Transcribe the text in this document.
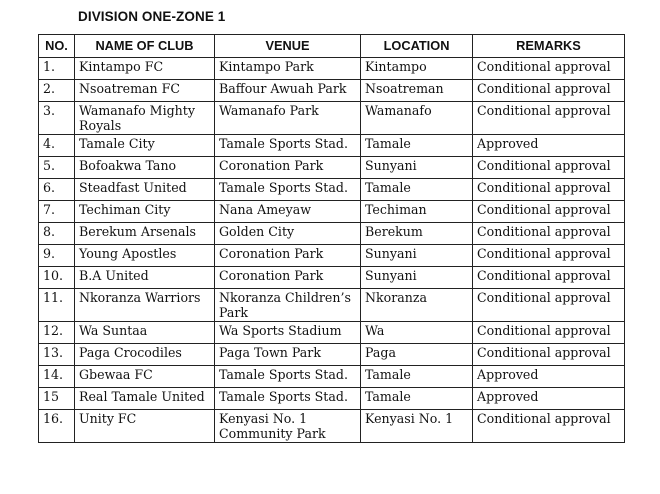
DIVISION ONE-ZONE 1
NO.	NAME OF CLUB	VENUE	LOCATION	REMARKS
1.	Kintampo FC	Kintampo Park	Kintampo	Conditional approval
2.	Nsoatreman FC	Baffour Awuah Park	Nsoatreman	Conditional approval
3.	Wamanafo Mighty Royals	Wamanafo Park	Wamanafo	Conditional approval
4.	Tamale City	Tamale Sports Stad.	Tamale	Approved
5.	Bofoakwa Tano	Coronation Park	Sunyani	Conditional approval
6.	Steadfast United	Tamale Sports Stad.	Tamale	Conditional approval
7.	Techiman City	Nana Ameyaw	Techiman	Conditional approval
8.	Berekum Arsenals	Golden City	Berekum	Conditional approval
9.	Young Apostles	Coronation Park	Sunyani	Conditional approval
10.	B.A United	Coronation Park	Sunyani	Conditional approval
11.	Nkoranza Warriors	Nkoranza Children’s Park	Nkoranza	Conditional approval
12.	Wa Suntaa	Wa Sports Stadium	Wa	Conditional approval
13.	Paga Crocodiles	Paga Town Park	Paga	Conditional approval
14.	Gbewaa FC	Tamale Sports Stad.	Tamale	Approved
15	Real Tamale United	Tamale Sports Stad.	Tamale	Approved
16.	Unity FC	Kenyasi No. 1 Community Park	Kenyasi No. 1	Conditional approval
